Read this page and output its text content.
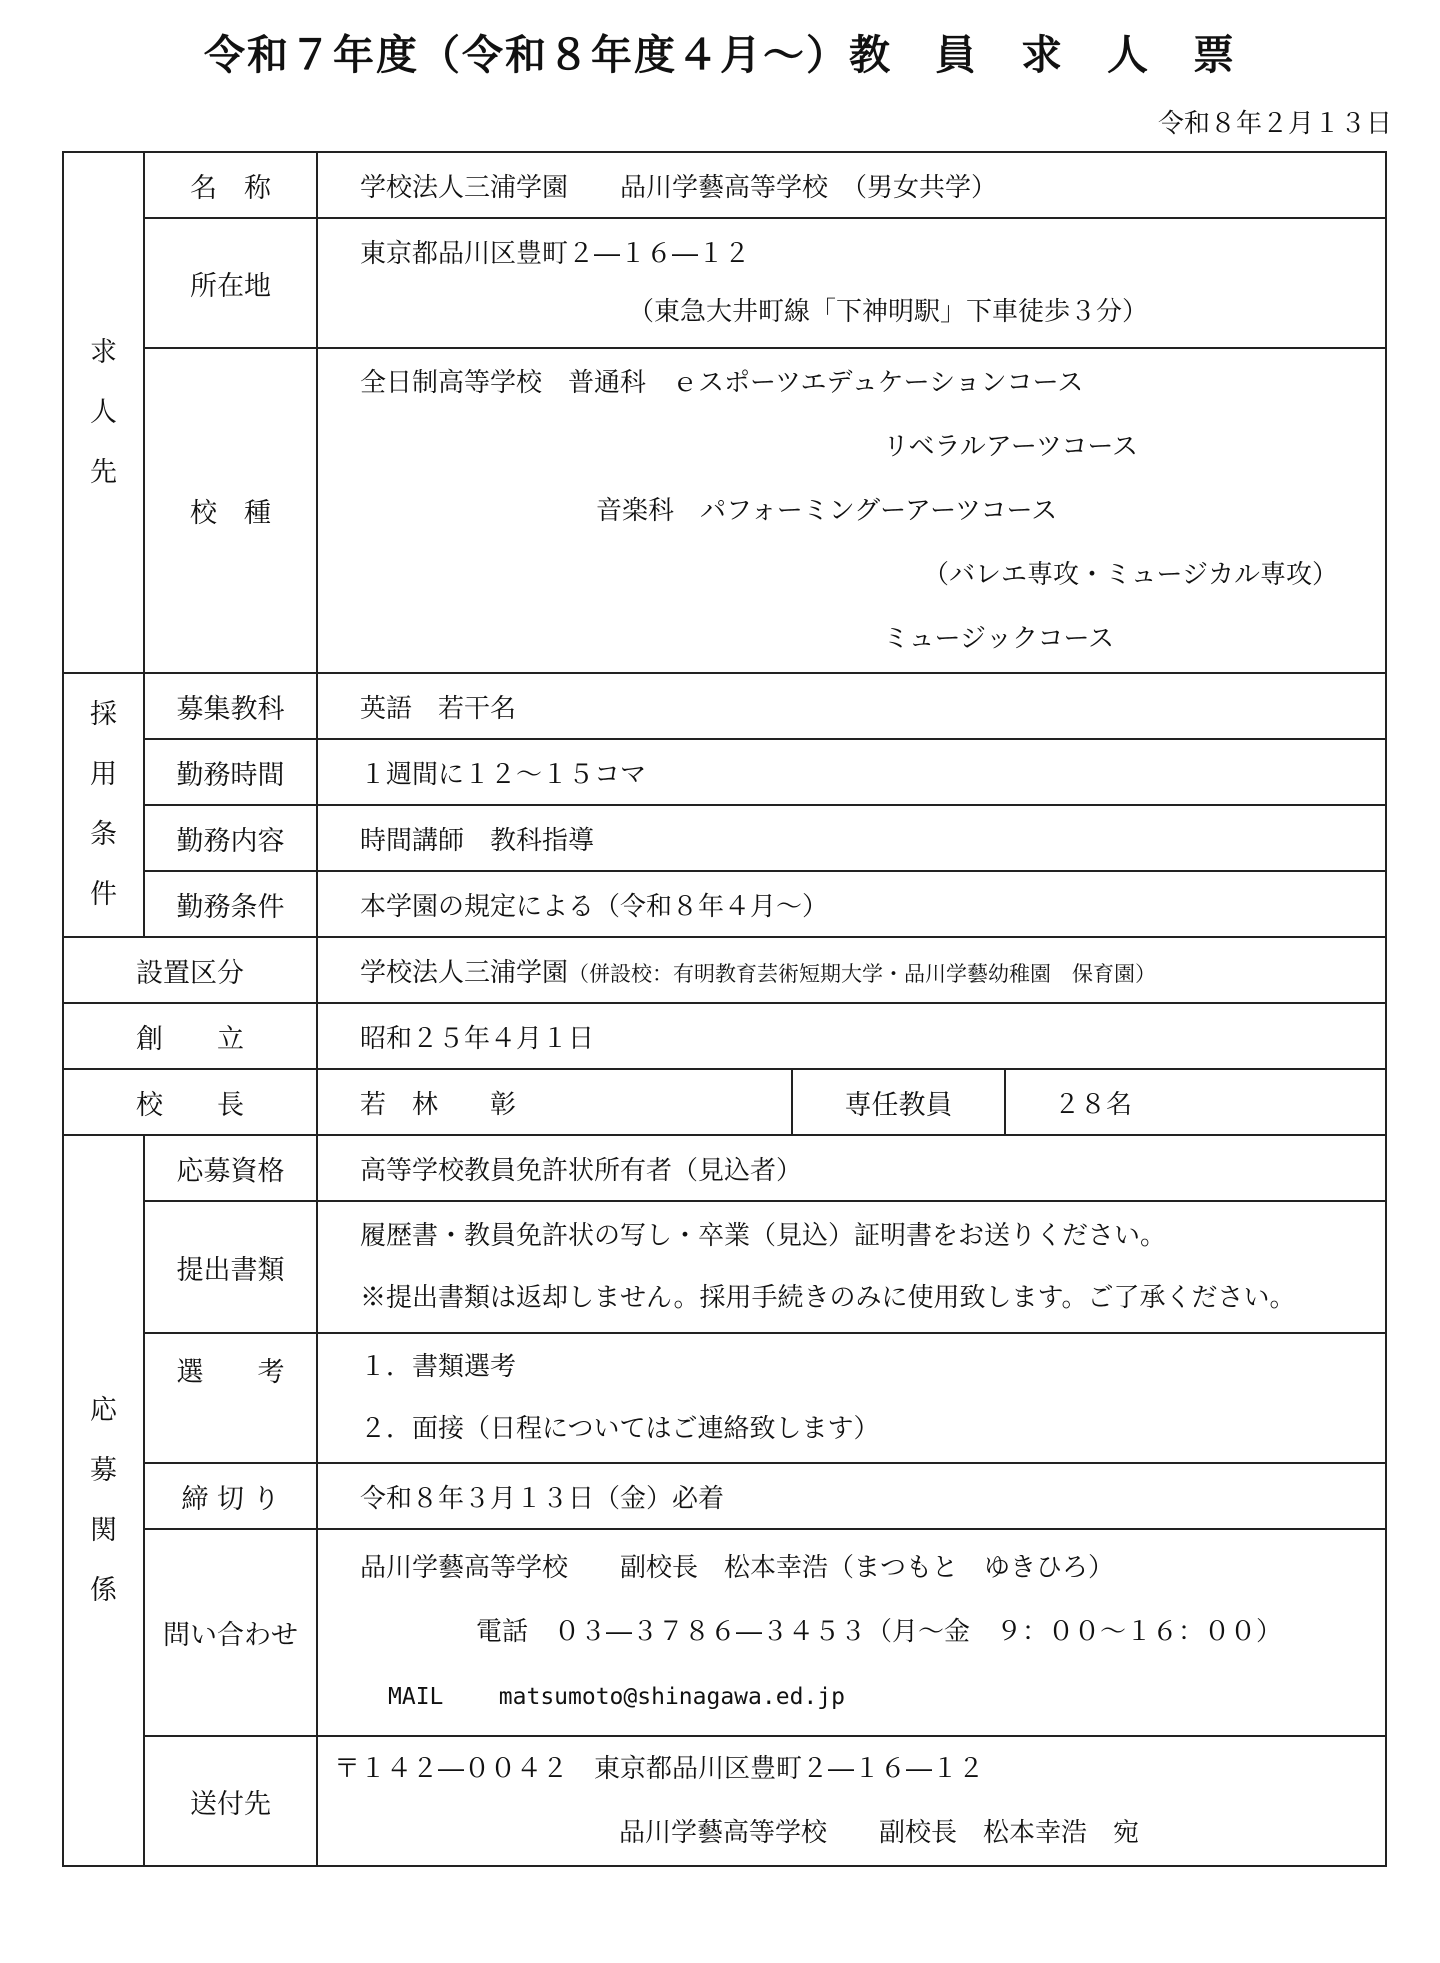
令和７年度（令和８年度４月～）教　員　求　人　票
令和８年２月１３日
求
人
先	名　称	学校法人三浦学園　　品川学藝高等学校　（男女共学）		
	所在地	東京都品川区豊町２―１６―１２
（東急大井町線「下神明駅」下車徒歩３分）		

	校　種	全日制高等学校　普通科　ｅスポーツエデュケーションコース
リベラルアーツコース
音楽科　パフォーミングーアーツコース
（バレエ専攻・ミュージカル専攻）
ミュージックコース		

採
用
条
件	募集教科	英語　若干名		
	勤務時間	１週間に１２～１５コマ		
	勤務内容	時間講師　教科指導		
	勤務条件	本学園の規定による（令和８年４月～）		
設置区分		学校法人三浦学園（併設校：有明教育芸術短期大学・品川学藝幼稚園　保育園）		
創　　立		昭和２５年４月１日		
校　　長		若　林　　彰	専任教員	２８名

応
募
関
係	応募資格	高等学校教員免許状所有者（見込者）		
	提出書類	履歴書・教員免許状の写し・卒業（見込）証明書をお送りください。
※提出書類は返却しません。採用手続きのみに使用致します。ご了承ください。		

	選　　考	１．書類選考
２．面接（日程についてはご連絡致します）		

	締 切 り	令和８年３月１３日（金）必着		
	問い合わせ	品川学藝高等学校　　副校長　松本幸浩（まつもと　ゆきひろ）
電話　０３―３７８６―３４５３（月～金　９：００～１６：００）
MAIL matsumoto@shinagawa.ed.jp		

	送付先	〒１４２―００４２　東京都品川区豊町２―１６―１２
品川学藝高等学校　　副校長　松本幸浩　宛		
